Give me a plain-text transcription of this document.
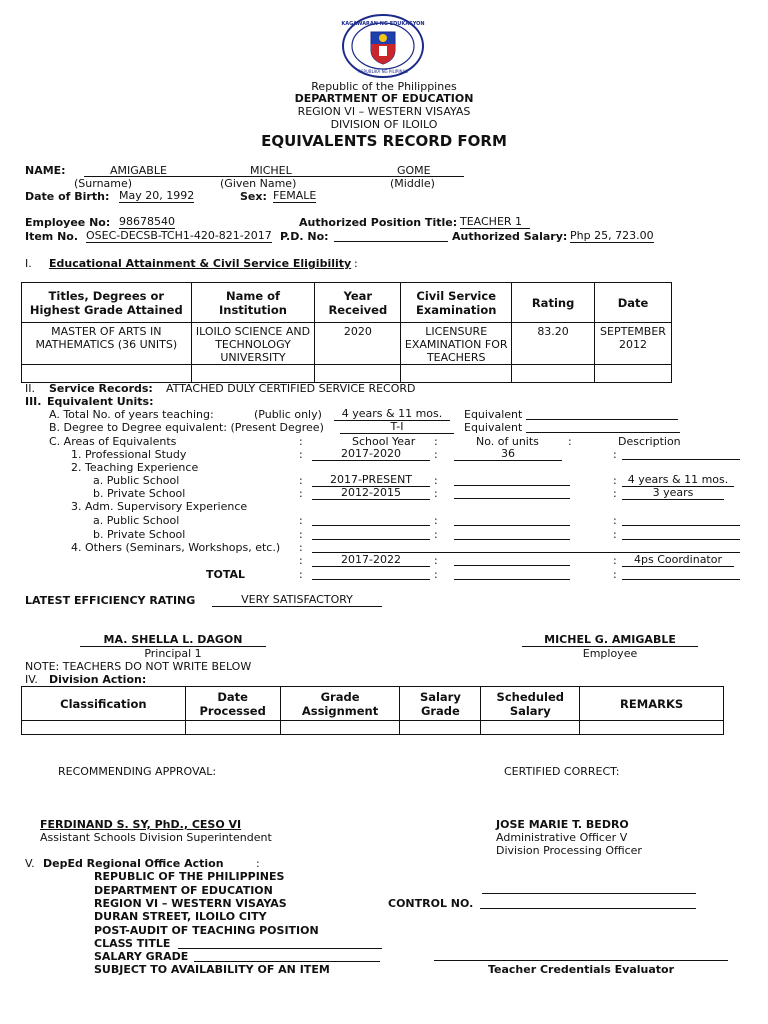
KAGAWARAN NG EDUKASYON
REPUBLIKA NG PILIPINAS
Republic of the Philippines
DEPARTMENT OF EDUCATION
REGION VI – WESTERN VISAYAS
DIVISION OF ILOILO
EQUIVALENTS RECORD FORM
NAME:	AMIGABLE	MICHEL	GOME
(Surname)	(Given Name)	(Middle)
Date of Birth: May 20, 1992	Sex: FEMALE
Employee No: 98678540	Authorized Position Title: TEACHER 1
Item No. OSEC-DECSB-TCH1-420-821-2017 P.D. No:	Authorized Salary: Php 25, 723.00
I. Educational Attainment & Civil Service Eligibility :
Titles, Degrees or Highest Grade Attained	Name of Institution	Year Received	Civil Service Examination	Rating	Date
MASTER OF ARTS IN MATHEMATICS (36 UNITS)	ILOILO SCIENCE AND TECHNOLOGY UNIVERSITY	2020	LICENSURE EXAMINATION FOR TEACHERS	83.20	SEPTEMBER 2012

II. Service Records: ATTACHED DULY CERTIFIED SERVICE RECORD
III. Equivalent Units:
A. Total No. of years teaching:	(Public only)	4 years & 11 mos.	Equivalent
B. Degree to Degree equivalent: (Present Degree)	T-I	Equivalent
C. Areas of Equivalents	:	School Year :	No. of units	:	Description
1. Professional Study	:	2017-2020	:	36	:
2. Teaching Experience
a. Public School	:	2017-PRESENT	:	:	4 years & 11 mos.
b. Private School	:	2012-2015	:	:	3 years
3. Adm. Supervisory Experience
a. Public School	:	:	:
b. Private School	:	:	:
4. Others (Seminars, Workshops, etc.) :
:	2017-2022	:	:	4ps Coordinator
TOTAL	:	:	:
LATEST EFFICIENCY RATING	VERY SATISFACTORY
MA. SHELLA L. DAGON
Principal 1
MICHEL G. AMIGABLE
Employee
NOTE: TEACHERS DO NOT WRITE BELOW
IV. Division Action:
Classification	Date Processed	Grade Assignment	Salary Grade	Scheduled Salary	REMARKS

RECOMMENDING APPROVAL:	CERTIFIED CORRECT:
FERDINAND S. SY, PhD., CESO VI
Assistant Schools Division Superintendent
JOSE MARIE T. BEDRO
Administrative Officer V
Division Processing Officer
V. DepEd Regional Office Action	:
REPUBLIC OF THE PHILIPPINES
DEPARTMENT OF EDUCATION
REGION VI – WESTERN VISAYAS
DURAN STREET, ILOILO CITY
POST-AUDIT OF TEACHING POSITION
CLASS TITLE
SALARY GRADE
SUBJECT TO AVAILABILITY OF AN ITEM
CONTROL NO.
Teacher Credentials Evaluator
